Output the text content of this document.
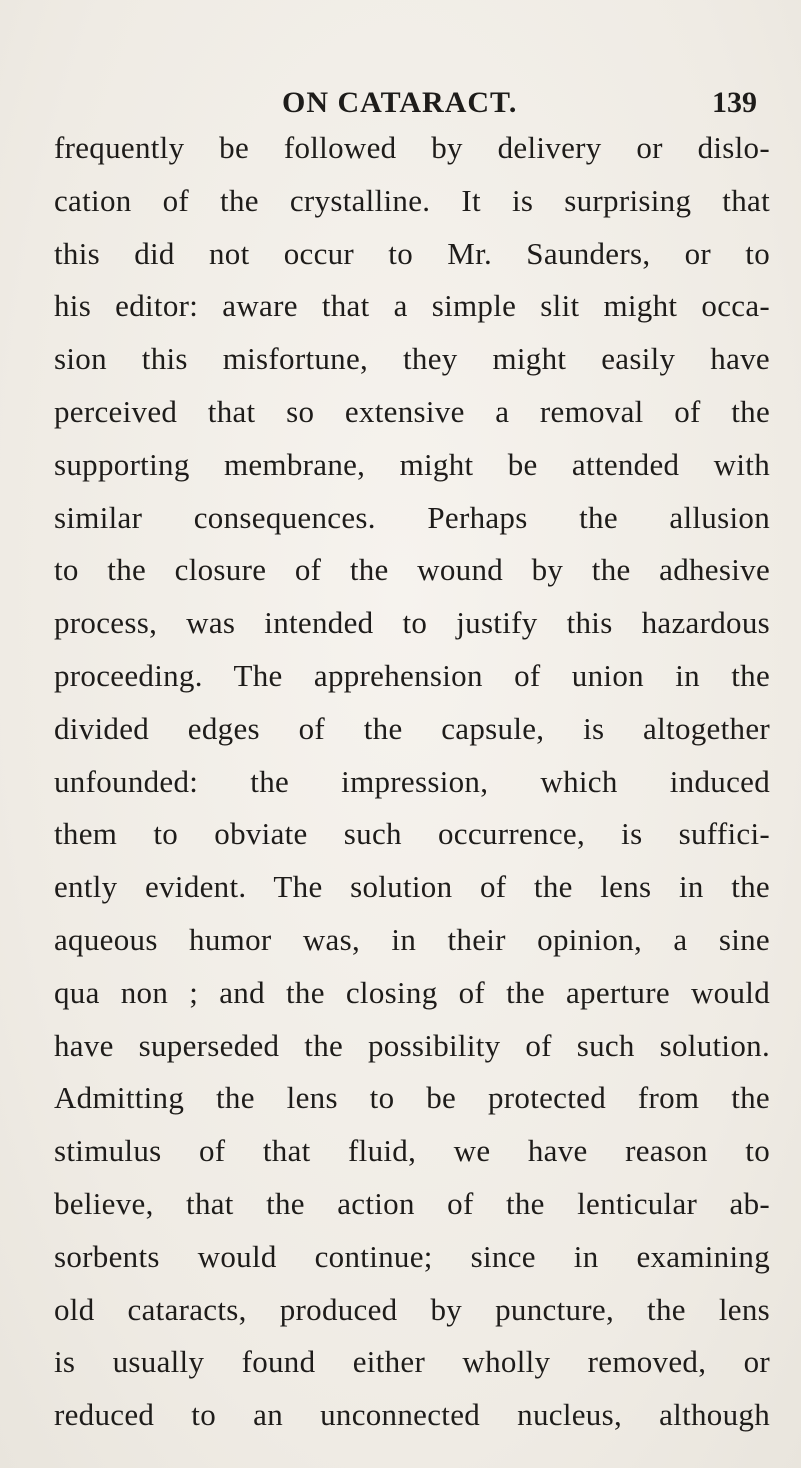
ON CATARACT.	139
frequently be followed by delivery or dislo-
cation of the crystalline. It is surprising that
this did not occur to Mr. Saunders, or to
his editor: aware that a simple slit might occa-
sion this misfortune, they might easily have
perceived that so extensive a removal of the
supporting membrane, might be attended with
similar consequences. Perhaps the allusion
to the closure of the wound by the adhesive
process, was intended to justify this hazardous
proceeding. The apprehension of union in the
divided edges of the capsule, is altogether
unfounded: the impression, which induced
them to obviate such occurrence, is suffici-
ently evident. The solution of the lens in the
aqueous humor was, in their opinion, a sine
qua non ; and the closing of the aperture would
have superseded the possibility of such solution.
Admitting the lens to be protected from the
stimulus of that fluid, we have reason to
believe, that the action of the lenticular ab-
sorbents would continue; since in examining
old cataracts, produced by puncture, the lens
is usually found either wholly removed, or
reduced to an unconnected nucleus, although
